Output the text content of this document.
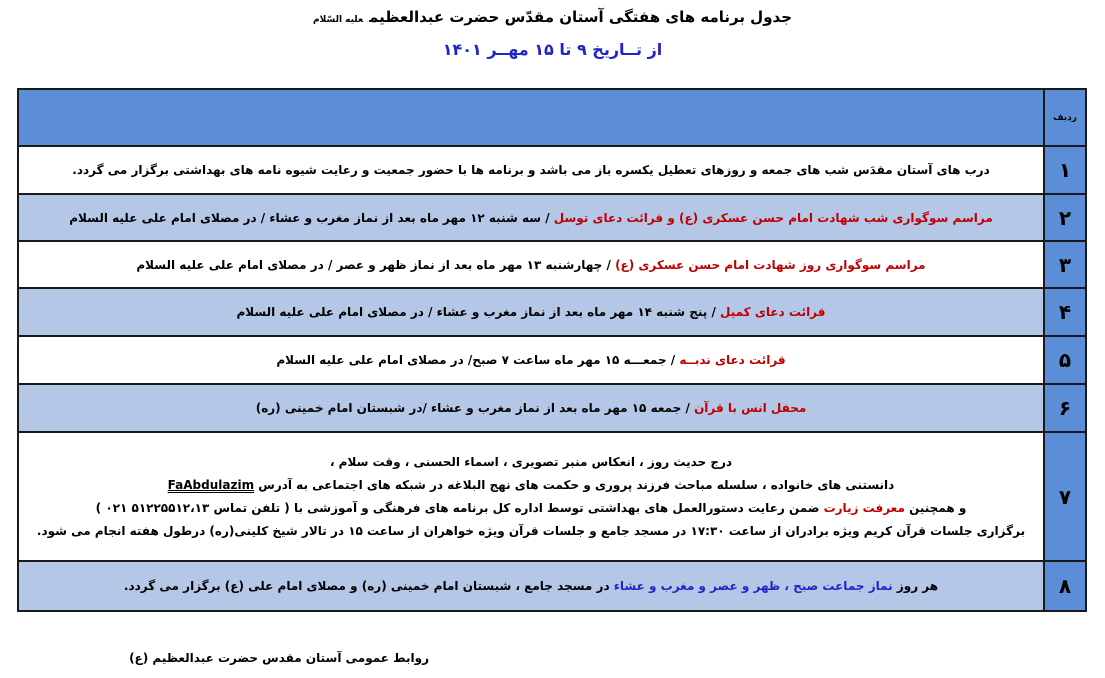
جدول برنامه های هفتگی آستان مقدّس حضرت عبدالعظیمعلیه السّلام
از تــاریخ ۹ تا ۱۵ مهــر ۱۴۰۱
ردیف	
۱	درب های آستان مقدَس شب های جمعه و روزهای تعطیل یکسره باز می باشد و برنامه ها با حضور جمعیت و رعایت شیوه نامه های بهداشتی برگزار می گردد.
۲	مراسم سوگواری شب شهادت امام حسن عسکری (ع) و قرائت دعای توسل / سه شنبه ۱۲ مهر ماه بعد از نماز مغرب و عشاء / در مصلای امام علی علیه السلام
۳	مراسم سوگواری روز شهادت امام حسن عسکری (ع) / چهارشنبه ۱۳ مهر ماه بعد از نماز ظهر و عصر / در مصلای امام علی علیه السلام
۴	قرائت دعای کمیل / پنج شنبه ۱۴ مهر ماه بعد از نماز مغرب و عشاء / در مصلای امام علی علیه السلام
۵	قرائت دعای ندبــه / جمعـــه ۱۵ مهر ماه ساعت ۷ صبح/ در مصلای امام علی علیه السلام
۶	محفل انس با قرآن / جمعه ۱۵ مهر ماه بعد از نماز مغرب و عشاء /در شبستان امام خمینی (ره)
۷	درج حدیث روز ، انعکاس منبر تصویری ، اسماء الحسنی ، وقت سلام ،
دانستنی های خانواده ، سلسله مباحث فرزند پروری و حکمت های نهج البلاغه در شبکه های اجتماعی به آدرس FaAbdulazim
و همچنین معرفت زیارت ضمن رعایت دستورالعمل های بهداشتی توسط اداره کل برنامه های فرهنگی و آموزشی با ( تلفن تماس ۵۱۲۲۵۵۱۲،۱۳ ۰۲۱ )
برگزاری جلسات قرآن کریم ویژه برادران از ساعت ۱۷:۳۰ در مسجد جامع و جلسات قرآن ویژه خواهران از ساعت ۱۵ در تالار شیخ کلینی(ره) درطول هفته انجام می شود.

۸	هر روز نماز جماعت صبح ، ظهر و عصر و مغرب و عشاء در مسجد جامع ، شبستان امام خمینی (ره) و مصلای امام علی (ع) برگزار می گردد.
روابط عمومی آستان مقدس حضرت عبدالعظیم (ع)
